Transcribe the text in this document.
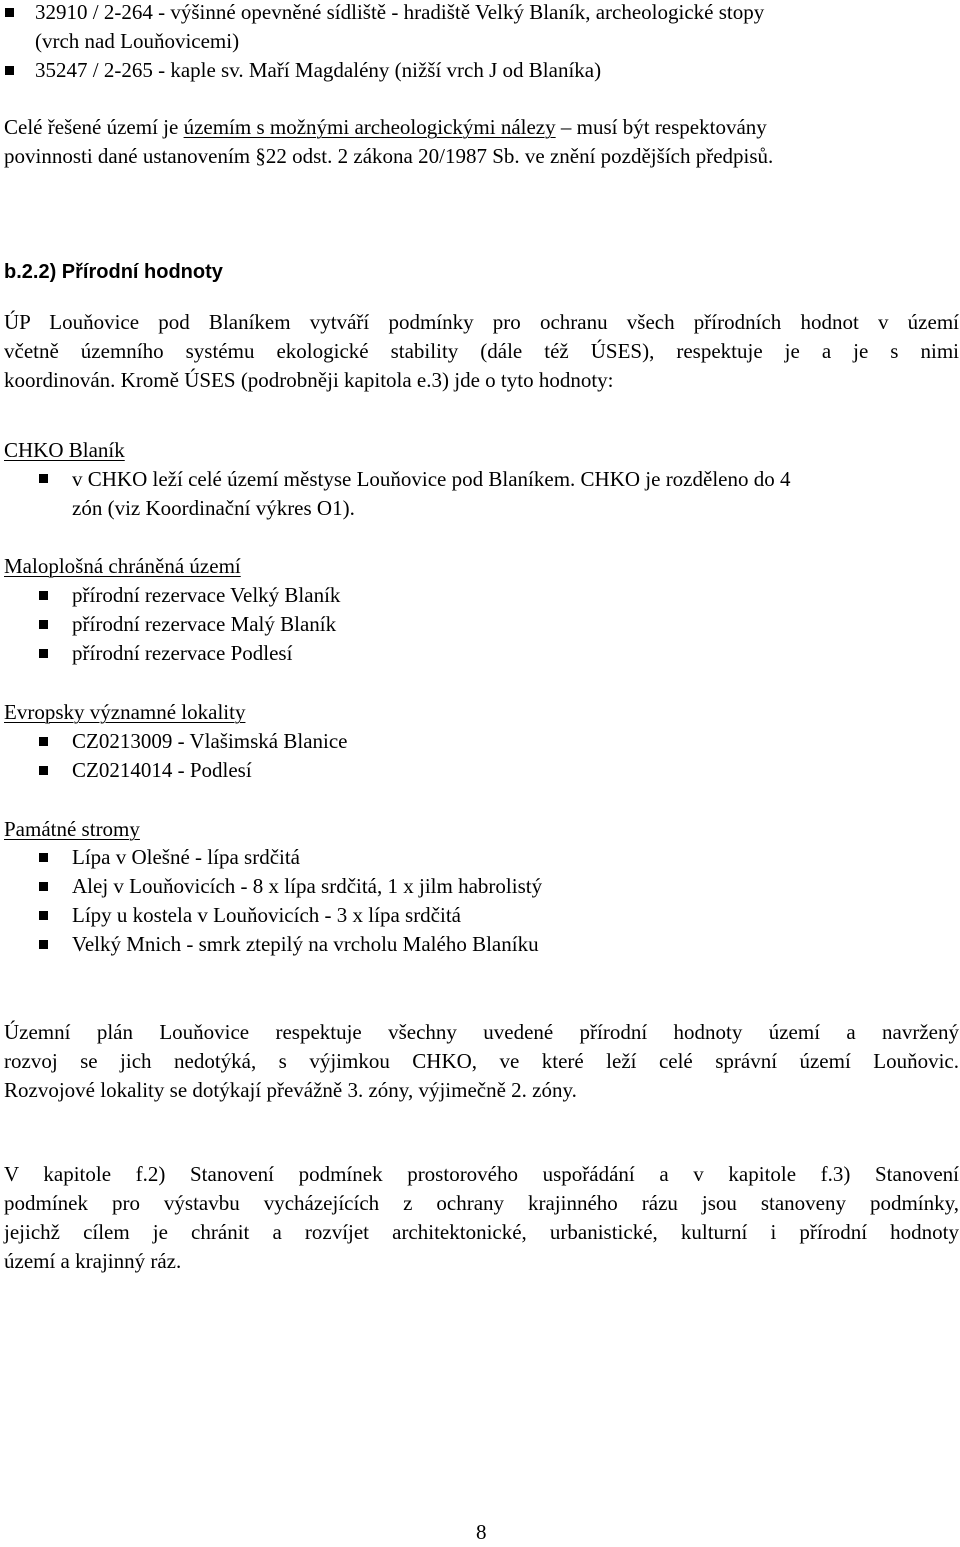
32910 / 2-264 - výšinné opevněné sídliště - hradiště Velký Blaník, archeologické stopy
(vrch nad Louňovicemi)
35247 / 2-265 - kaple sv. Maří Magdalény (nižší vrch J od Blaníka)
Celé řešené území je územím s možnými archeologickými nálezy – musí být respektovány
povinnosti dané ustanovením §22 odst. 2 zákona 20/1987 Sb. ve znění pozdějších předpisů.
b.2.2) Přírodní hodnoty
ÚP Louňovice pod Blaníkem vytváří podmínky pro ochranu všech přírodních hodnot v území
včetně územního systému ekologické stability (dále též ÚSES), respektuje je a je s nimi
koordinován. Kromě ÚSES (podrobněji kapitola e.3) jde o tyto hodnoty:
CHKO Blaník
v CHKO leží celé území městyse Louňovice pod Blaníkem. CHKO je rozděleno do 4
zón (viz Koordinační výkres O1).
Maloplošná chráněná území
přírodní rezervace Velký Blaník
přírodní rezervace Malý Blaník
přírodní rezervace Podlesí
Evropsky významné lokality
CZ0213009 - Vlašimská Blanice
CZ0214014 - Podlesí
Památné stromy
Lípa v Olešné - lípa srdčitá
Alej v Louňovicích - 8 x lípa srdčitá, 1 x jilm habrolistý
Lípy u kostela v Louňovicích - 3 x lípa srdčitá
Velký Mnich - smrk ztepilý na vrcholu Malého Blaníku
Územní plán Louňovice respektuje všechny uvedené přírodní hodnoty území a navržený
rozvoj se jich nedotýká, s výjimkou CHKO, ve které leží celé správní území Louňovic.
Rozvojové lokality se dotýkají převážně 3. zóny, výjimečně 2. zóny.
V kapitole f.2) Stanovení podmínek prostorového uspořádání a v kapitole f.3) Stanovení
podmínek pro výstavbu vycházejících z ochrany krajinného rázu jsou stanoveny podmínky,
jejichž cílem je chránit a rozvíjet architektonické, urbanistické, kulturní i přírodní hodnoty
území a krajinný ráz.
8
